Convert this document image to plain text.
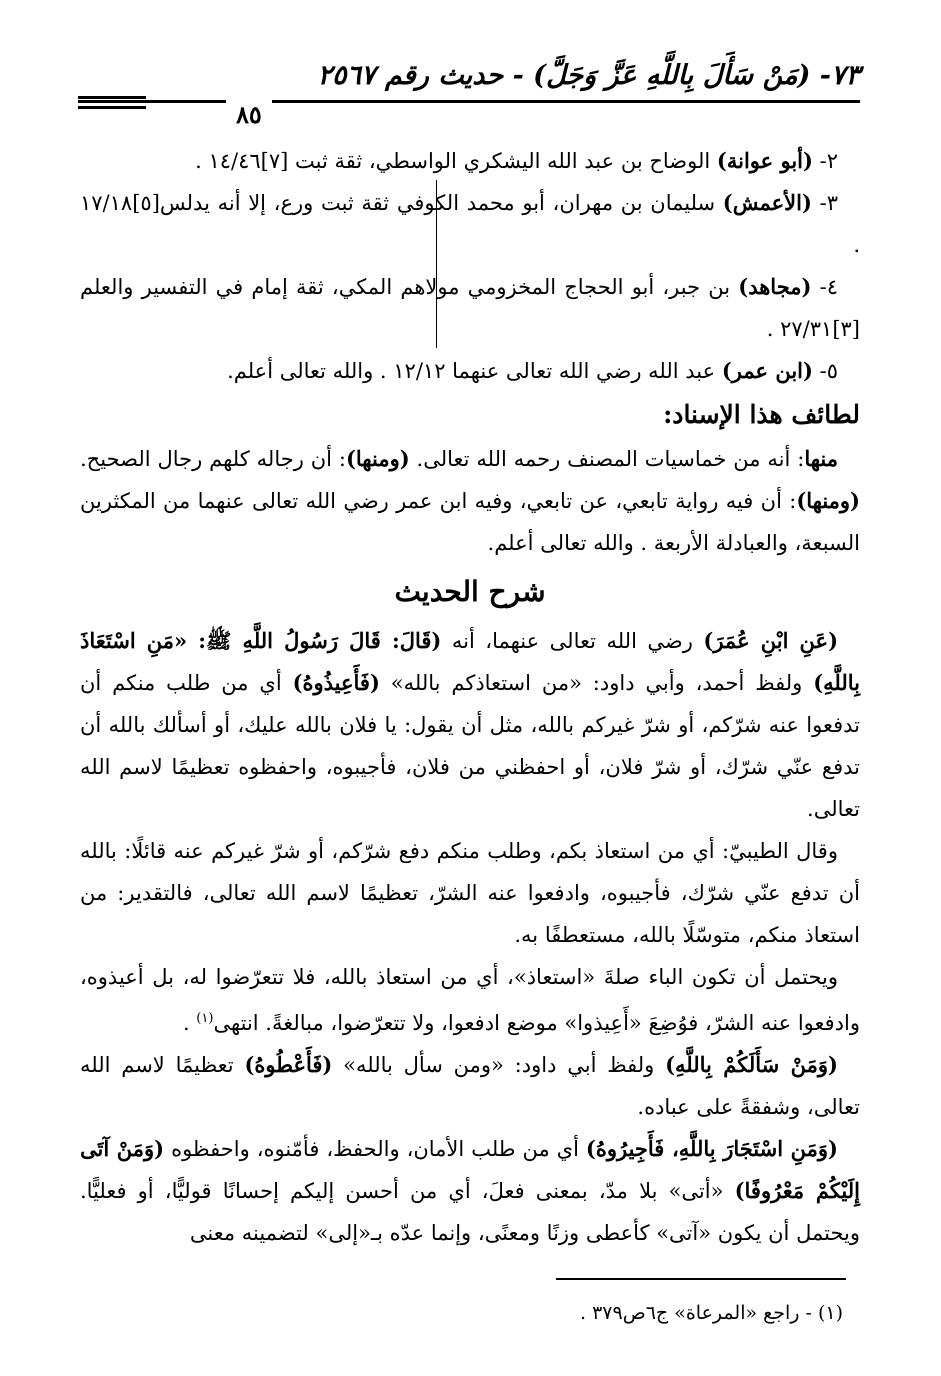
٧٣- (مَنْ سَأَلَ بِاللَّهِ عَزَّ وَجَلَّ) - حديث رقم ٢٥٦٧
٨٥

٢- (أبو عوانة) الوضاح بن عبد الله اليشكري الواسطي، ثقة ثبت [٧]١٤/٤٦ .

٣- (الأعمش) سليمان بن مهران، أبو محمد الكوفي ثقة ثبت ورع، إلا أنه يدلس[٥]١٧/١٨ .

٤- (مجاهد) بن جبر، أبو الحجاج المخزومي مولاهم المكي، ثقة إمام في التفسير والعلم [٣]٢٧/٣١ .

٥- (ابن عمر) عبد الله رضي الله تعالى عنهما ١٢/١٢ . والله تعالى أعلم.

لطائف هذا الإسناد:

منها: أنه من خماسيات المصنف رحمه الله تعالى. (ومنها): أن رجاله كلهم رجال الصحيح. (ومنها): أن فيه رواية تابعي، عن تابعي، وفيه ابن عمر رضي الله تعالى عنهما من المكثرين السبعة، والعبادلة الأربعة . والله تعالى أعلم.

شرح الحديث

(عَنِ ابْنِ عُمَرَ) رضي الله تعالى عنهما، أنه (قَالَ: قَالَ رَسُولُ اللَّهِ ﷺ: «مَنِ اسْتَعَاذَ بِاللَّهِ) ولفظ أحمد، وأبي داود: «من استعاذكم بالله» (فَأَعِيذُوهُ) أي من طلب منكم أن تدفعوا عنه شرّكم، أو شرّ غيركم بالله، مثل أن يقول: يا فلان بالله عليك، أو أسألك بالله أن تدفع عنّي شرّك، أو شرّ فلان، أو احفظني من فلان، فأجيبوه، واحفظوه تعظيمًا لاسم الله تعالى.

وقال الطيبيّ: أي من استعاذ بكم، وطلب منكم دفع شرّكم، أو شرّ غيركم عنه قائلًا: بالله أن تدفع عنّي شرّك، فأجيبوه، وادفعوا عنه الشرّ، تعظيمًا لاسم الله تعالى، فالتقدير: من استعاذ منكم، متوسّلًا بالله، مستعطفًا به.

ويحتمل أن تكون الباء صلةَ «استعاذ»، أي من استعاذ بالله، فلا تتعرّضوا له، بل أعيذوه، وادفعوا عنه الشرّ، فوُضِعَ «أَعِيذوا» موضع ادفعوا، ولا تتعرّضوا، مبالغةً. انتهى$^{(١)}$ .

(وَمَنْ سَأَلَكُمْ بِاللَّهِ) ولفظ أبي داود: «ومن سأل بالله» (فَأَعْطُوهُ) تعظيمًا لاسم الله تعالى، وشفقةً على عباده.

(وَمَنِ اسْتَجَارَ بِاللَّهِ، فَأَجِيرُوهُ) أي من طلب الأمان، والحفظ، فأمّنوه، واحفظوه (وَمَنْ آتَى إِلَيْكُمْ مَعْرُوفًا) «أتى» بلا مدّ، بمعنى فعلَ، أي من أحسن إليكم إحسانًا قوليًّا، أو فعليًّا. ويحتمل أن يكون «آتى» كأعطى وزنًا ومعنًى، وإنما عدّه بـ«إلى» لتضمينه معنى

(١) - راجع «المرعاة» ج٦ص٣٧٩ .
